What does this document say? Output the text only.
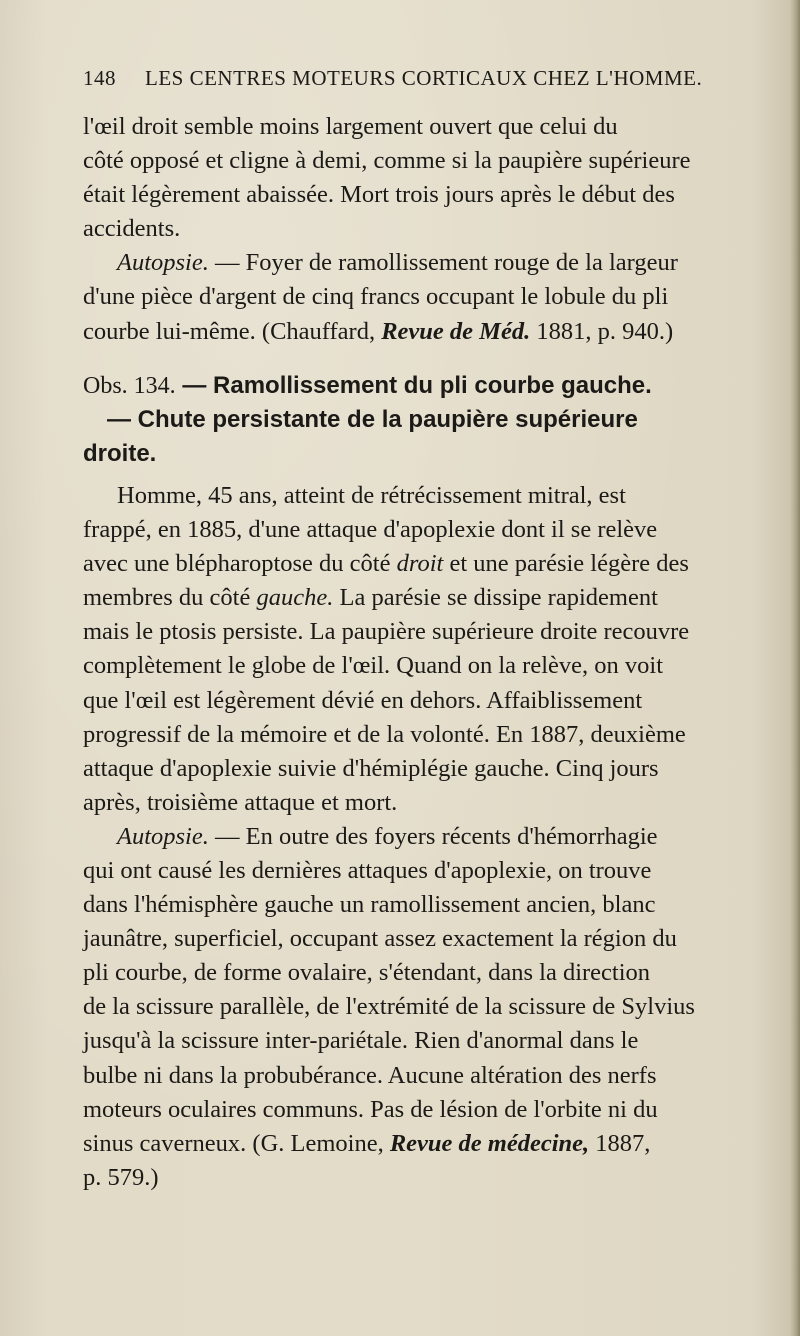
148 LES CENTRES MOTEURS CORTICAUX CHEZ L'HOMME.

l'œil droit semble moins largement ouvert que celui du
côté opposé et cligne à demi, comme si la paupière supérieure
était légèrement abaissée. Mort trois jours après le début des
accidents.

Autopsie. — Foyer de ramollissement rouge de la largeur
d'une pièce d'argent de cinq francs occupant le lobule du pli
courbe lui-même. (Chauffard, Revue de Méd. 1881, p. 940.)

Obs. 134. — Ramollissement du pli courbe gauche.
— Chute persistante de la paupière supérieure
droite.

Homme, 45 ans, atteint de rétrécissement mitral, est
frappé, en 1885, d'une attaque d'apoplexie dont il se relève
avec une blépharoptose du côté droit et une parésie légère des
membres du côté gauche. La parésie se dissipe rapidement
mais le ptosis persiste. La paupière supérieure droite recouvre
complètement le globe de l'œil. Quand on la relève, on voit
que l'œil est légèrement dévié en dehors. Affaiblissement
progressif de la mémoire et de la volonté. En 1887, deuxième
attaque d'apoplexie suivie d'hémiplégie gauche. Cinq jours
après, troisième attaque et mort.

Autopsie. — En outre des foyers récents d'hémorrhagie
qui ont causé les dernières attaques d'apoplexie, on trouve
dans l'hémisphère gauche un ramollissement ancien, blanc
jaunâtre, superficiel, occupant assez exactement la région du
pli courbe, de forme ovalaire, s'étendant, dans la direction
de la scissure parallèle, de l'extrémité de la scissure de Sylvius
jusqu'à la scissure inter-pariétale. Rien d'anormal dans le
bulbe ni dans la probubérance. Aucune altération des nerfs
moteurs oculaires communs. Pas de lésion de l'orbite ni du
sinus caverneux. (G. Lemoine, Revue de médecine, 1887,
p. 579.)
